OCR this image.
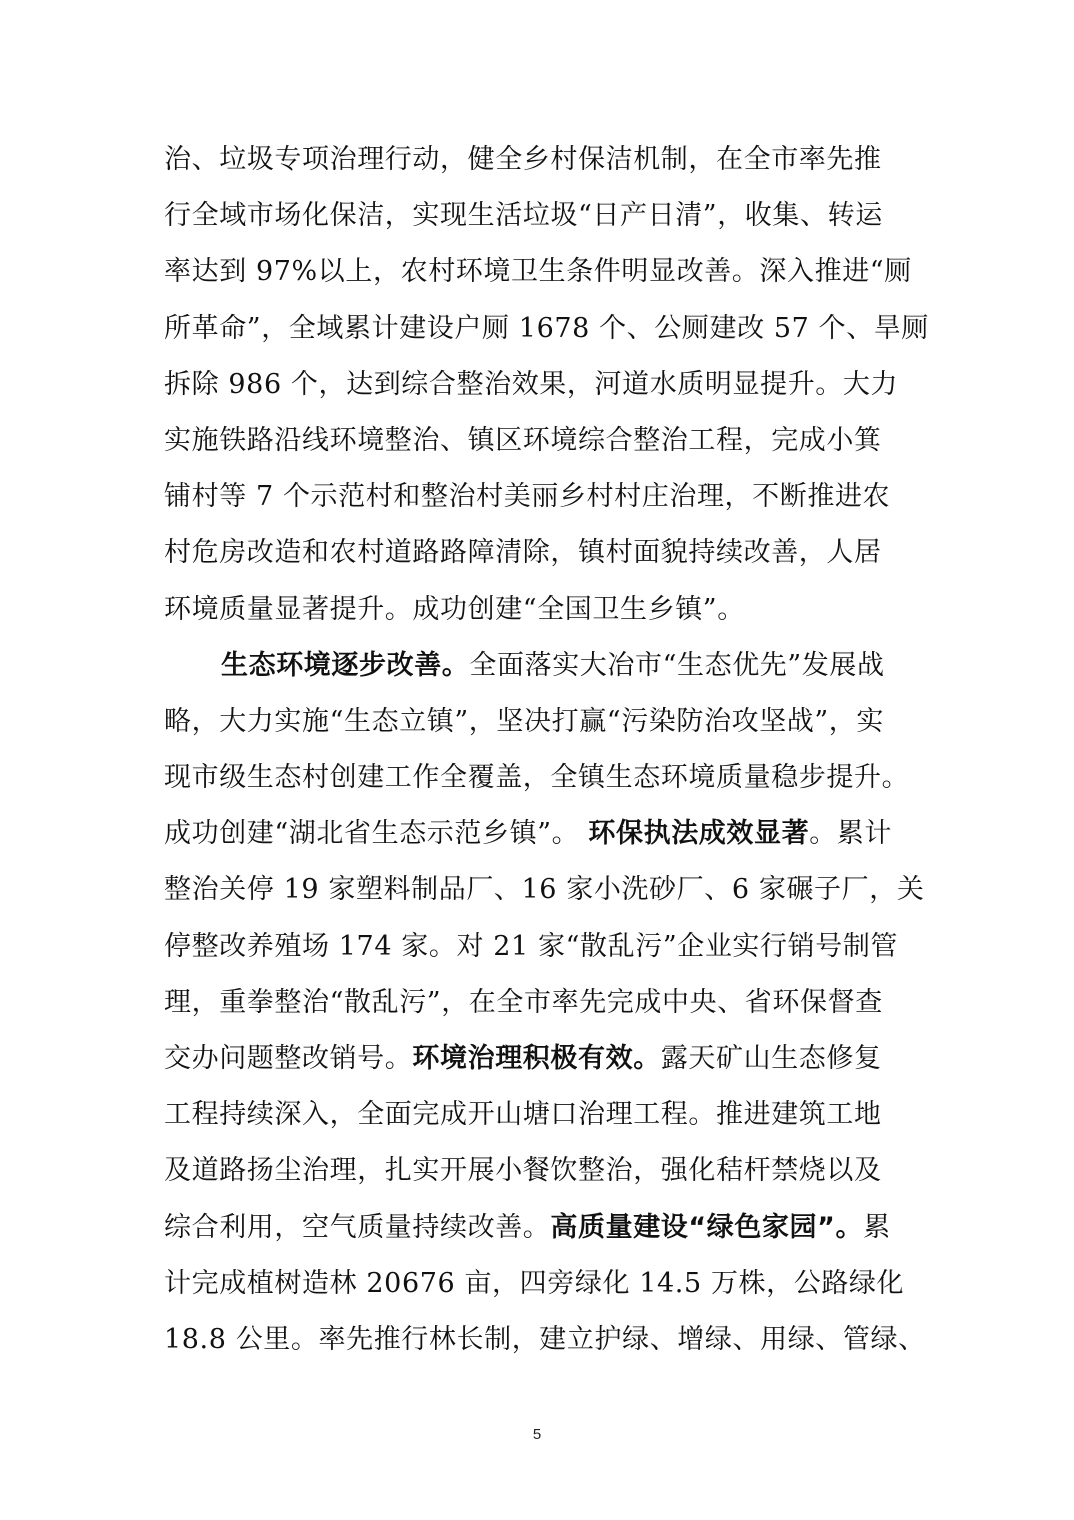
治、垃圾专项治理行动，健全乡村保洁机制，在全市率先推
行全域市场化保洁，实现生活垃圾“日产日清”，收集、转运
率达到 97%以上，农村环境卫生条件明显改善。深入推进“厕
所革命”，全域累计建设户厕 1678 个、公厕建改 57 个、旱厕
拆除 986 个，达到综合整治效果，河道水质明显提升。大力
实施铁路沿线环境整治、镇区环境综合整治工程，完成小箕
铺村等 7 个示范村和整治村美丽乡村村庄治理，不断推进农
村危房改造和农村道路路障清除，镇村面貌持续改善，人居
环境质量显著提升。成功创建“全国卫生乡镇”。
生态环境逐步改善。全面落实大冶市“生态优先”发展战
略，大力实施“生态立镇”，坚决打赢“污染防治攻坚战”，实
现市级生态村创建工作全覆盖，全镇生态环境质量稳步提升。
成功创建“湖北省生态示范乡镇”。 环保执法成效显著。累计
整治关停 19 家塑料制品厂、16 家小洗砂厂、6 家碾子厂，关
停整改养殖场 174 家。对 21 家“散乱污”企业实行销号制管
理，重拳整治“散乱污”，在全市率先完成中央、省环保督查
交办问题整改销号。环境治理积极有效。露天矿山生态修复
工程持续深入，全面完成开山塘口治理工程。推进建筑工地
及道路扬尘治理，扎实开展小餐饮整治，强化秸杆禁烧以及
综合利用，空气质量持续改善。高质量建设“绿色家园”。累
计完成植树造林 20676 亩，四旁绿化 14.5 万株，公路绿化
18.8 公里。率先推行林长制，建立护绿、增绿、用绿、管绿、
5
